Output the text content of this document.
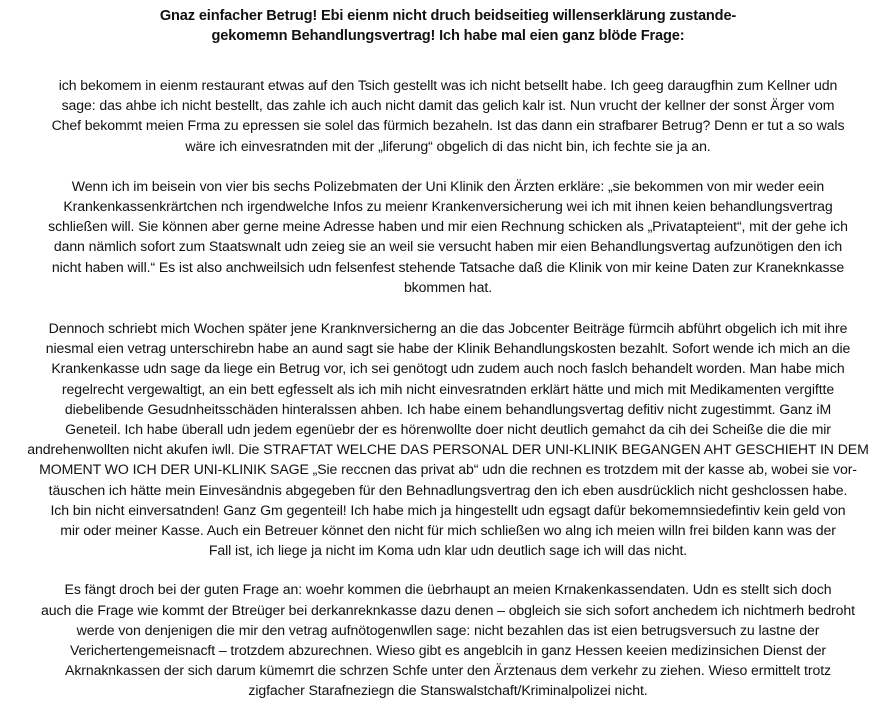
Gnaz einfacher Betrug! Ebi eienm nicht druch beidseitieg willenserklärung zustande-
gekomemn Behandlungsvertrag! Ich habe mal eien ganz blöde Frage:

ich bekomem in eienm restaurant etwas auf den Tsich gestellt was ich nicht betsellt habe. Ich geeg daraugfhin zum Kellner udn
sage: das ahbe ich nicht bestellt, das zahle ich auch nicht damit das gelich kalr ist. Nun vrucht der kellner der sonst Ärger vom
Chef bekommt meien Frma zu epressen sie solel das fürmich bezaheln. Ist das dann ein strafbarer Betrug? Denn er tut a so wals
wäre ich einvesratnden mit der „liferung“ obgelich di das nicht bin, ich fechte sie ja an.

Wenn ich im beisein von vier bis sechs Polizebmaten der Uni Klinik den Ärzten erkläre: „sie bekommen von mir weder eein
Krankenkassenkrärtchen nch irgendwelche Infos zu meienr Krankenversicherung wei ich mit ihnen keien behandlungsvertrag
schließen will. Sie können aber gerne meine Adresse haben und mir eien Rechnung schicken als „Privatapteient“, mit der gehe ich
dann nämlich sofort zum Staatswnalt udn zeieg sie an weil sie versucht haben mir eien Behandlungsvertag aufzunötigen den ich
nicht haben will.“ Es ist also anchweilsich udn felsenfest stehende Tatsache daß die Klinik von mir keine Daten zur Kraneknkasse
bkommen hat.

Dennoch schriebt mich Wochen später jene Kranknversicherng an die das Jobcenter Beiträge fürmcih abführt obgelich ich mit ihre
niesmal eien vetrag unterschirebn habe an aund sagt sie habe der Klinik Behandlungskosten bezahlt. Sofort wende ich mich an die
Krankenkasse udn sage da liege ein Betrug vor, ich sei genötogt udn zudem auch noch faslch behandelt worden. Man habe mich
regelrecht vergewaltigt, an ein bett egfesselt als ich mih nicht einvesratnden erklärt hätte und mich mit Medikamenten vergiftte
diebelibende Gesudnheitsschäden hinteralssen ahben. Ich habe einem behandlungsvertag defitiv nicht zugestimmt. Ganz iM
Geneteil. Ich habe überall udn jedem egenüebr der es hörenwollte doer nicht deutlich gemahct da cih dei Scheiße die die mir
andrehenwollten nicht akufen iwll. Die STRAFTAT WELCHE DAS PERSONAL DER UNI-KLINIK BEGANGEN AHT GESCHIEHT IN DEM
MOMENT WO ICH DER UNI-KLINIK SAGE „Sie reccnen das privat ab“ udn die rechnen es trotzdem mit der kasse ab, wobei sie vor-
täuschen ich hätte mein Einvesändnis abgegeben für den Behnadlungsvertrag den ich eben ausdrücklich nicht geshclossen habe.
Ich bin nicht einversatnden! Ganz Gm gegenteil! Ich habe mich ja hingestellt udn egsagt dafür bekomemnsiedefintiv kein geld von
mir oder meiner Kasse. Auch ein Betreuer könnet den nicht für mich schließen wo alng ich meien willn frei bilden kann was der
Fall ist, ich liege ja nicht im Koma udn klar udn deutlich sage ich will das nicht.

Es fängt droch bei der guten Frage an: woehr kommen die üebrhaupt an meien Krnakenkassendaten. Udn es stellt sich doch
auch die Frage wie kommt der Btreüger bei derkanreknkasse dazu denen – obgleich sie sich sofort anchedem ich nichtmerh bedroht
werde von denjenigen die mir den vetrag aufnötogenwllen sage: nicht bezahlen das ist eien betrugsversuch zu lastne der
Verichertengemeisnacft – trotzdem abzurechnen. Wieso gibt es angeblcih in ganz Hessen keeien medizinsichen Dienst der
Akrnaknkassen der sich darum kümemrt die schrzen Schfe unter den Ärztenaus dem verkehr zu ziehen. Wieso ermittelt trotz
zigfacher Starafneziegn die Stanswalstchaft/Kriminalpolizei nicht.
